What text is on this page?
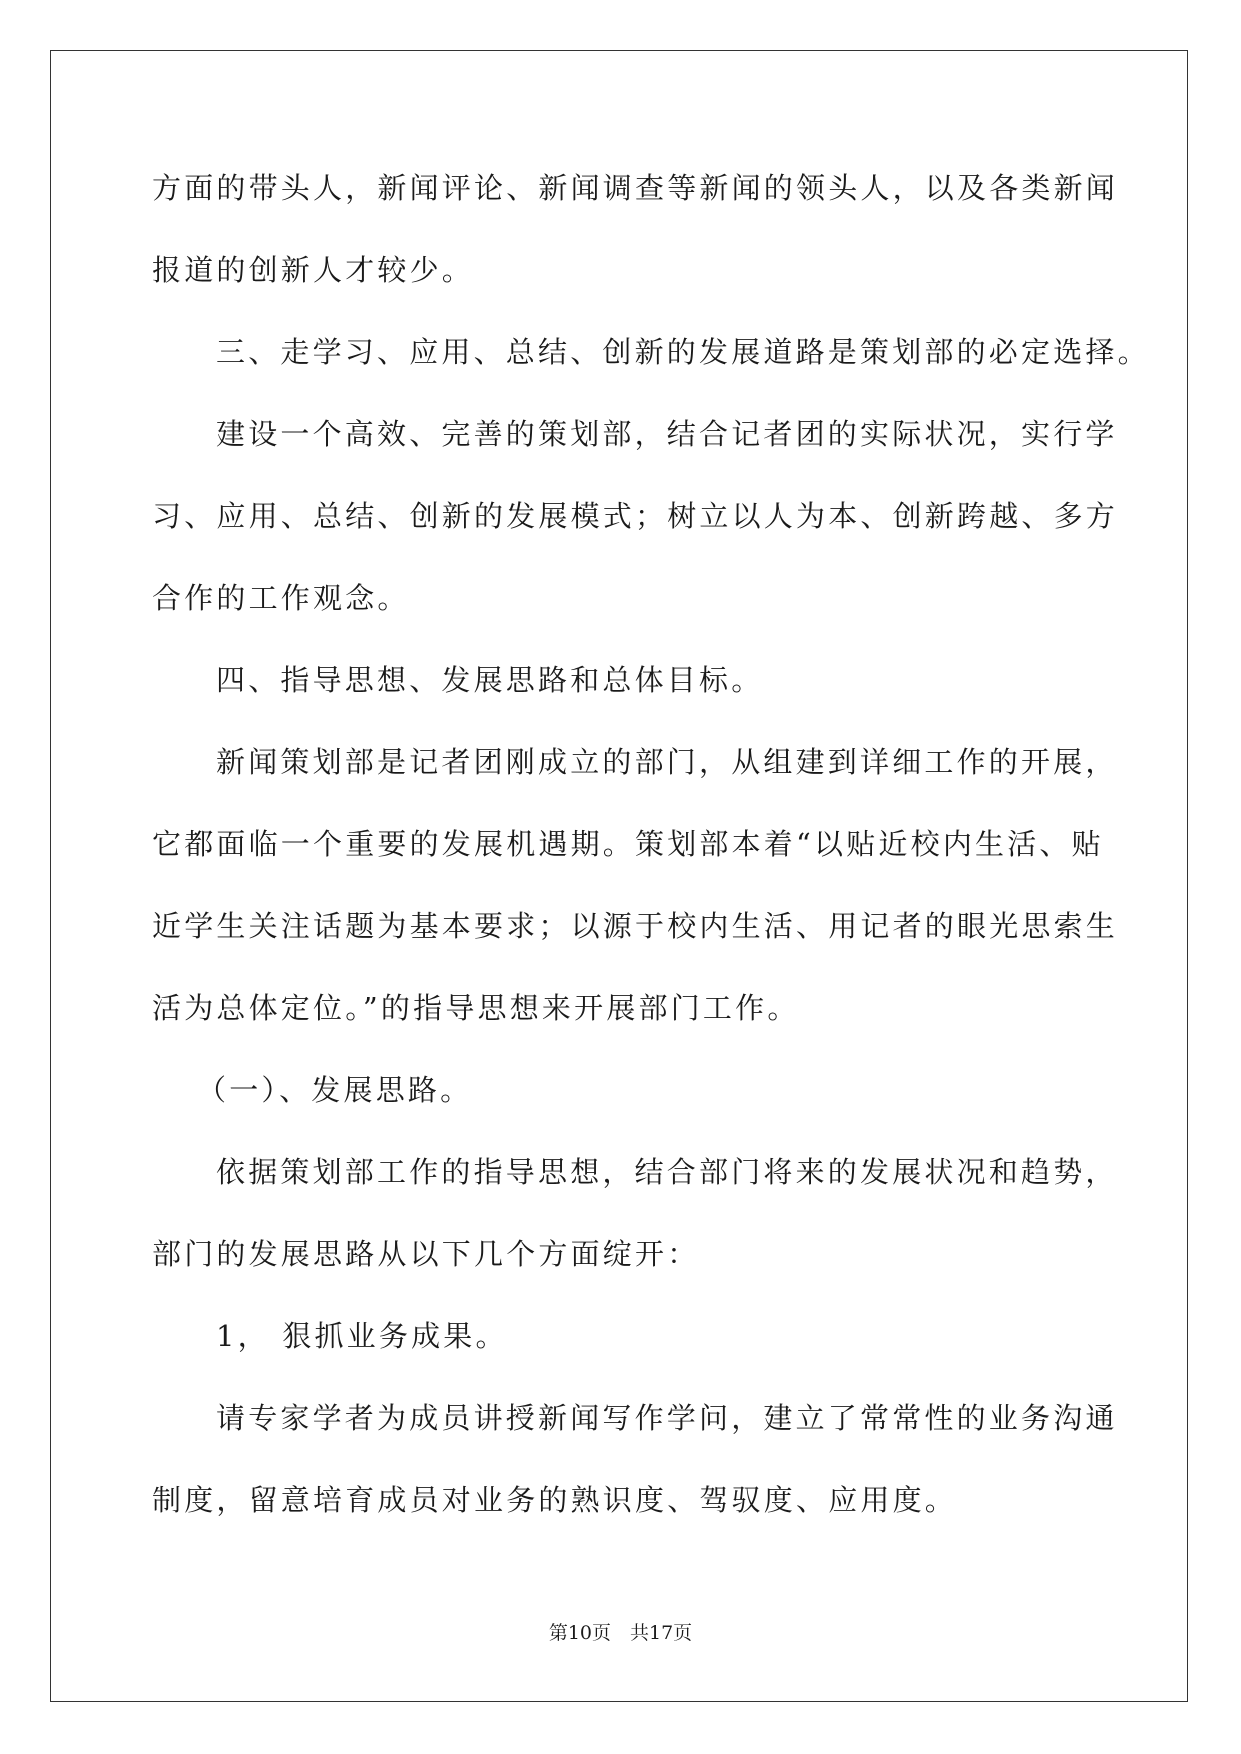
方面的带头人，新闻评论、新闻调查等新闻的领头人，以及各类新闻
报道的创新人才较少。
三、走学习、应用、总结、创新的发展道路是策划部的必定选择。
建设一个高效、完善的策划部，结合记者团的实际状况，实行学
习、应用、总结、创新的发展模式；树立以人为本、创新跨越、多方
合作的工作观念。
四、指导思想、发展思路和总体目标。
新闻策划部是记者团刚成立的部门，从组建到详细工作的开展，
它都面临一个重要的发展机遇期。策划部本着“以贴近校内生活、贴
近学生关注话题为基本要求；以源于校内生活、用记者的眼光思索生
活为总体定位。”的指导思想来开展部门工作。
（一）、发展思路。
依据策划部工作的指导思想，结合部门将来的发展状况和趋势，
部门的发展思路从以下几个方面绽开：
1， 狠抓业务成果。
请专家学者为成员讲授新闻写作学问，建立了常常性的业务沟通
制度，留意培育成员对业务的熟识度、驾驭度、应用度。
第10页　共17页
